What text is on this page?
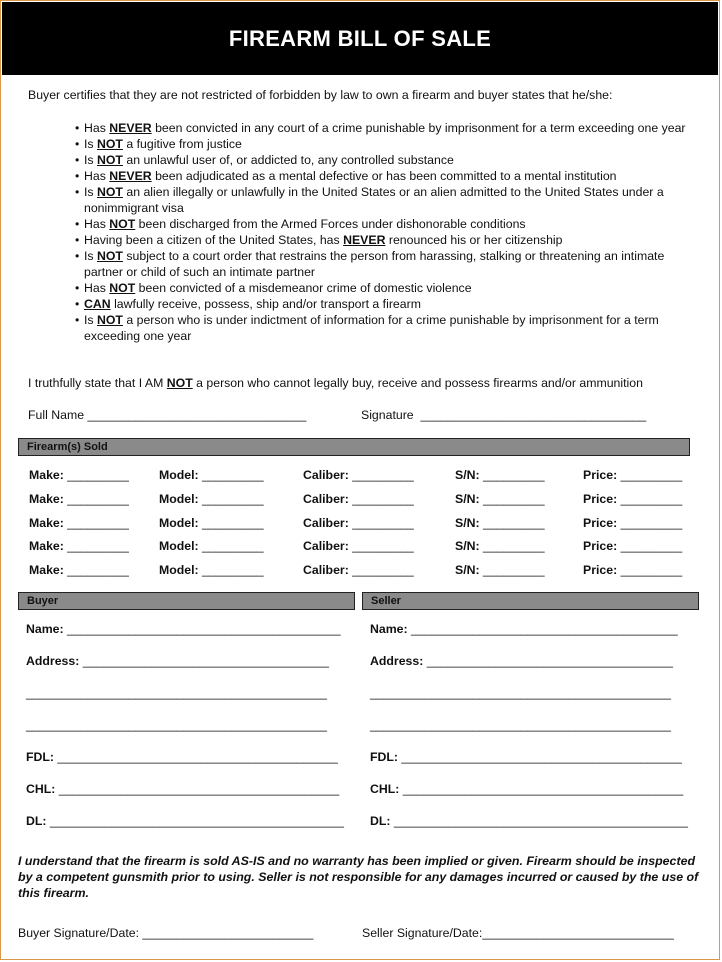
FIREARM BILL OF SALE
Buyer certifies that they are not restricted of forbidden by law to own a firearm and buyer states that he/she:
• Has NEVER been convicted in any court of a crime punishable by imprisonment for a term exceeding one year
• Is NOT a fugitive from justice
• Is NOT an unlawful user of, or addicted to, any controlled substance
• Has NEVER been adjudicated as a mental defective or has been committed to a mental institution
• Is NOT an alien illegally or unlawfully in the United States or an alien admitted to the United States under a nonimmigrant visa
• Has NOT been discharged from the Armed Forces under dishonorable conditions
• Having been a citizen of the United States, has NEVER renounced his or her citizenship
• Is NOT subject to a court order that restrains the person from harassing, stalking or threatening an intimate partner or child of such an intimate partner
• Has NOT been convicted of a misdemeanor crime of domestic violence
• CAN lawfully receive, possess, ship and/or transport a firearm
• Is NOT a person who is under indictment of information for a crime punishable by imprisonment for a term exceeding one year
I truthfully state that I AM NOT a person who cannot legally buy, receive and possess firearms and/or ammunition
Full Name ________________________________	Signature _________________________________
Firearm(s) Sold
Make: _________ Model: _________	Caliber: _________	S/N: _________	Price: _________
Make: _________ Model: _________	Caliber: _________	S/N: _________	Price: _________
Make: _________ Model: _________	Caliber: _________	S/N: _________	Price: _________
Make: _________ Model: _________	Caliber: _________	S/N: _________	Price: _________
Make: _________ Model: _________	Caliber: _________	S/N: _________	Price: _________
Buyer	Seller
Name: ________________________________________
Address: ____________________________________
____________________________________________
____________________________________________
FDL: _________________________________________
CHL: _________________________________________
DL: ___________________________________________
Name: _______________________________________
Address: ____________________________________
____________________________________________
____________________________________________
FDL: _________________________________________
CHL: _________________________________________
DL: ___________________________________________
I understand that the firearm is sold AS-IS and no warranty has been implied or given. Firearm should be inspected by a competent gunsmith prior to using. Seller is not responsible for any damages incurred or caused by the use of this firearm.
Buyer Signature/Date: _________________________	Seller Signature/Date:____________________________
